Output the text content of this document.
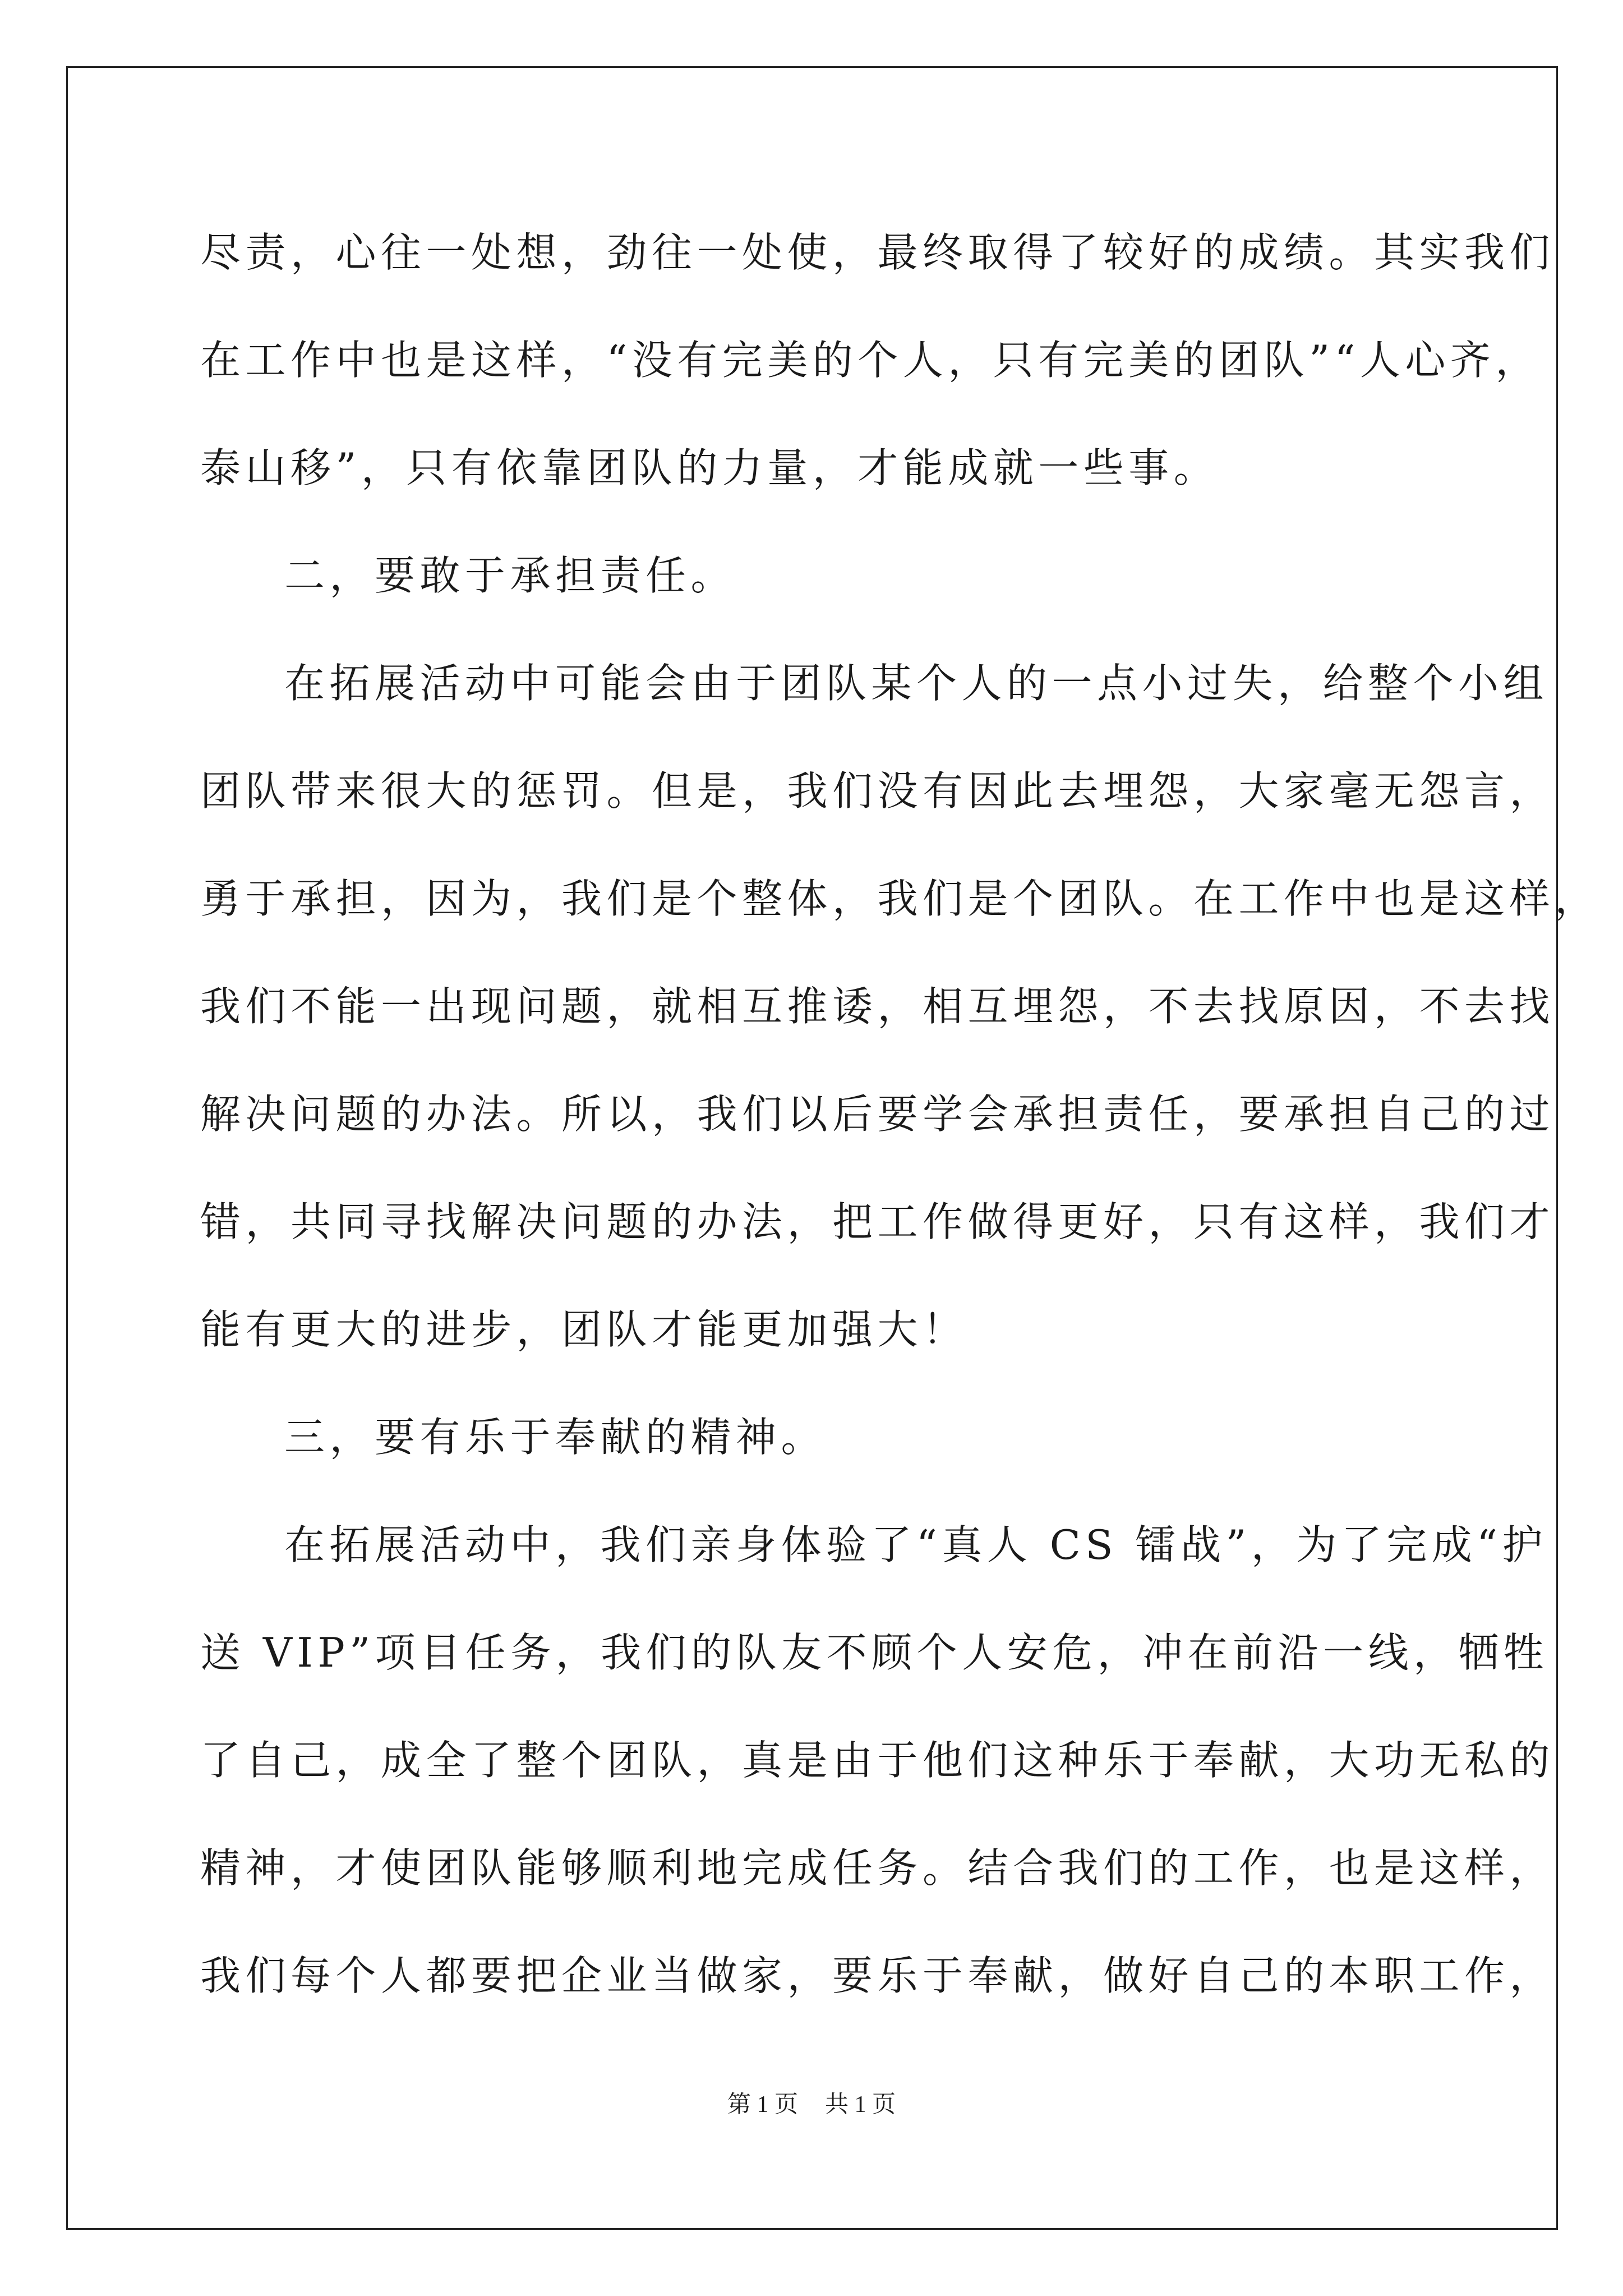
尽责，心往一处想，劲往一处使，最终取得了较好的成绩。其实我们
在工作中也是这样，“没有完美的个人，只有完美的团队”“人心齐，
泰山移”，只有依靠团队的力量，才能成就一些事。
二，要敢于承担责任。
在拓展活动中可能会由于团队某个人的一点小过失，给整个小组
团队带来很大的惩罚。但是，我们没有因此去埋怨，大家毫无怨言，
勇于承担，因为，我们是个整体，我们是个团队。在工作中也是这样，
我们不能一出现问题，就相互推诿，相互埋怨，不去找原因，不去找
解决问题的办法。所以，我们以后要学会承担责任，要承担自己的过
错，共同寻找解决问题的办法，把工作做得更好，只有这样，我们才
能有更大的进步，团队才能更加强大！
三，要有乐于奉献的精神。
在拓展活动中，我们亲身体验了“真人 CS 镭战”，为了完成“护
送 VIP”项目任务，我们的队友不顾个人安危，冲在前沿一线，牺牲
了自己，成全了整个团队，真是由于他们这种乐于奉献，大功无私的
精神，才使团队能够顺利地完成任务。结合我们的工作，也是这样，
我们每个人都要把企业当做家，要乐于奉献，做好自己的本职工作，
第 1 页 共 1 页
